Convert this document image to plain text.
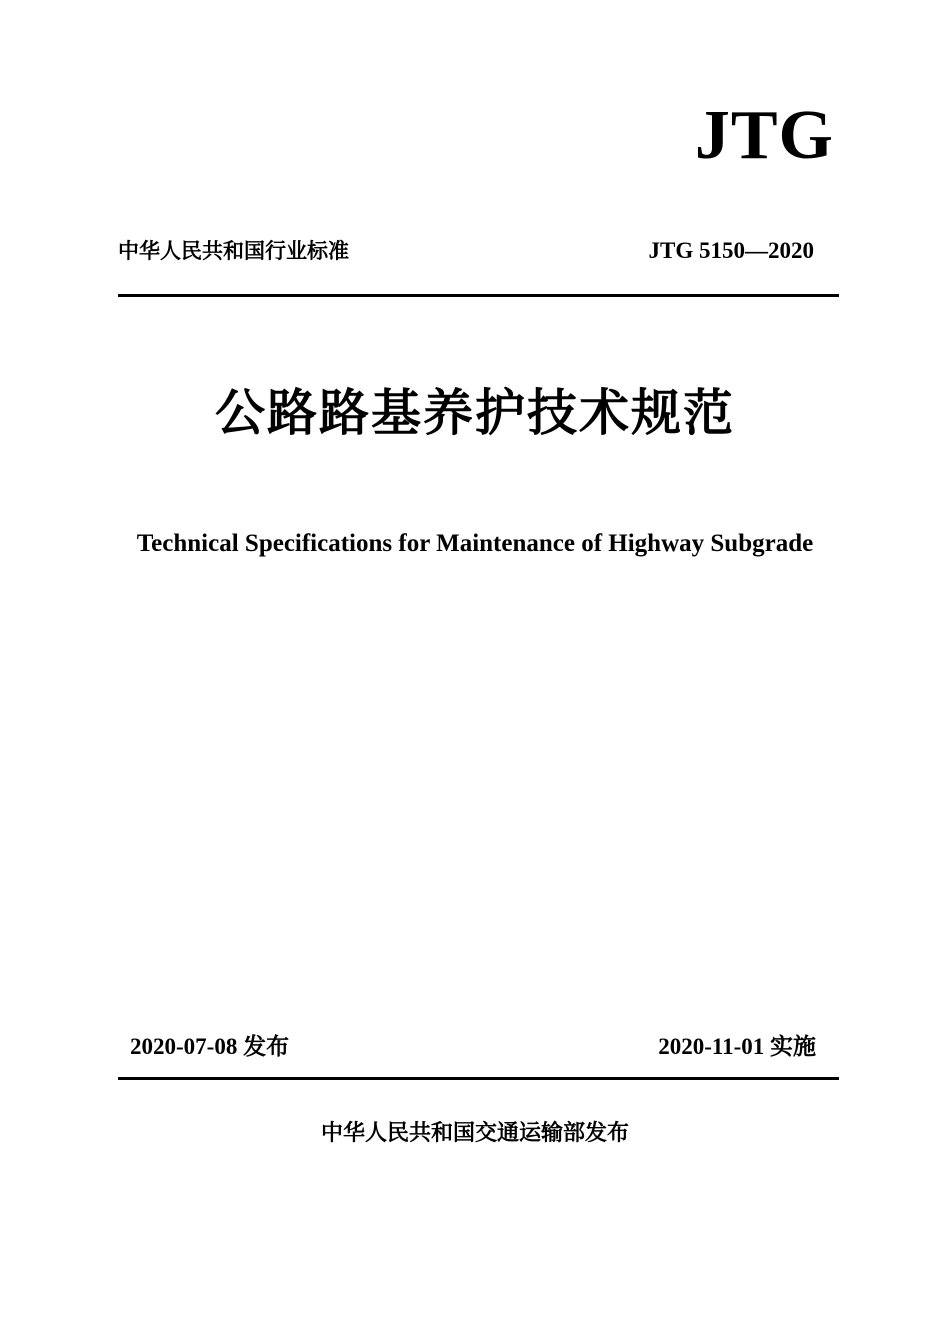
JTG
中华人民共和国行业标准	JTG 5150—2020
公路路基养护技术规范
Technical Specifications for Maintenance of Highway Subgrade
2020-07-08 发布	2020-11-01 实施
中华人民共和国交通运输部发布
